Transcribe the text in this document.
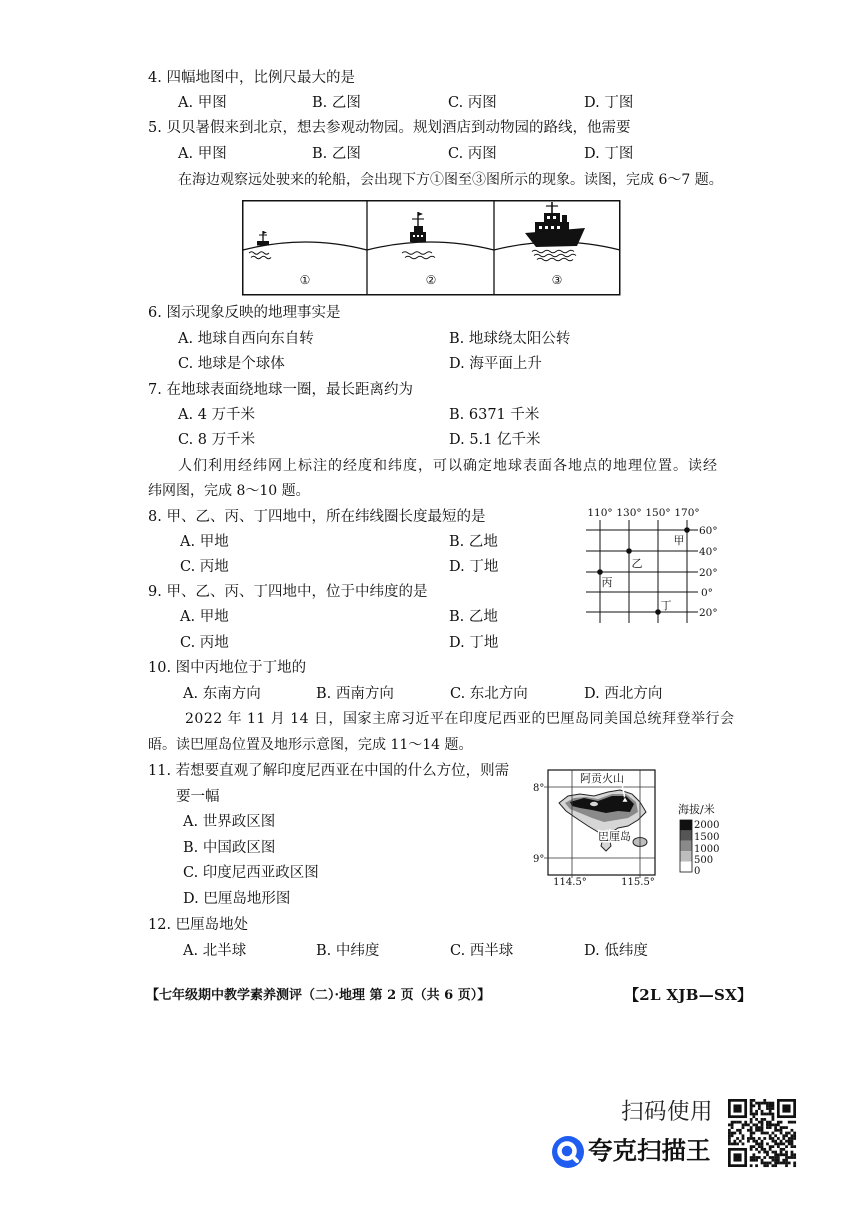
4. 四幅地图中，比例尺最大的是
A. 甲图	B. 乙图	C. 丙图	D. 丁图
5. 贝贝暑假来到北京，想去参观动物园。规划酒店到动物园的路线，他需要
A. 甲图	B. 乙图	C. 丙图	D. 丁图
在海边观察远处驶来的轮船，会出现下方①图至③图所示的现象。读图，完成 6～7 题。
①	②	③
6. 图示现象反映的地理事实是
A. 地球自西向东自转	B. 地球绕太阳公转
C. 地球是个球体	D. 海平面上升
7. 在地球表面绕地球一圈，最长距离约为
A. 4 万千米	B. 6371 千米
C. 8 万千米	D. 5.1 亿千米
人们利用经纬网上标注的经度和纬度，可以确定地球表面各地点的地理位置。读经
纬网图，完成 8～10 题。
8. 甲、乙、丙、丁四地中，所在纬线圈长度最短的是
A. 甲地	B. 乙地
C. 丙地	D. 丁地
9. 甲、乙、丙、丁四地中，位于中纬度的是
A. 甲地	B. 乙地
C. 丙地	D. 丁地
110° 130° 150° 170°
60°
40°
20°
0°
20°
甲
乙
丙
丁
10. 图中丙地位于丁地的
A. 东南方向	B. 西南方向	C. 东北方向	D. 西北方向
2022 年 11 月 14 日，国家主席习近平在印度尼西亚的巴厘岛同美国总统拜登举行会
晤。读巴厘岛位置及地形示意图，完成 11～14 题。
11. 若想要直观了解印度尼西亚在中国的什么方位，则需
要一幅
A. 世界政区图
B. 中国政区图
C. 印度尼西亚政区图
D. 巴厘岛地形图
阿贡火山
巴厘岛
8°
9°
114.5°	115.5°
海拔/米
2000
1500
1000
500
0
12. 巴厘岛地处
A. 北半球	B. 中纬度	C. 西半球	D. 低纬度
【七年级期中教学素养测评（二）·地理 第 2 页（共 6 页）】	【2L XJB—SX】
扫码使用
夸克扫描王
